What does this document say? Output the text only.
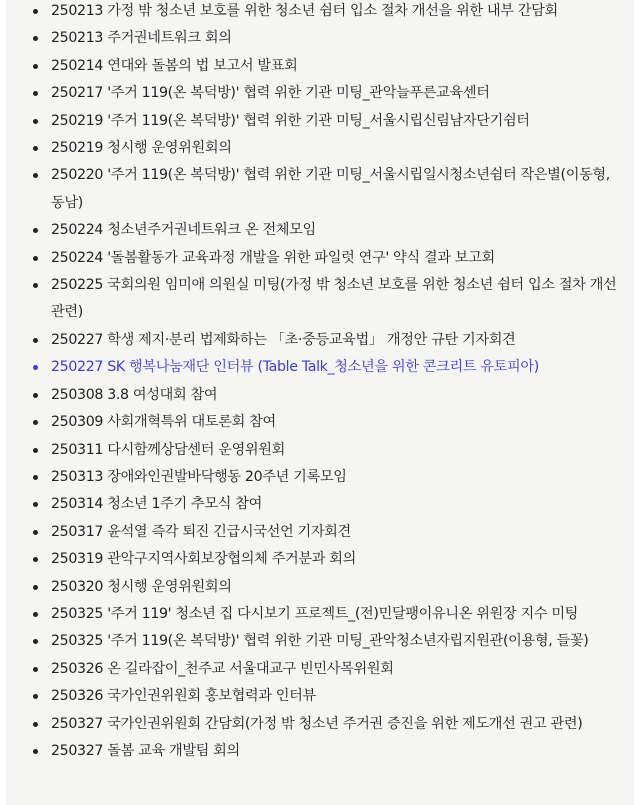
250213 가정 밖 청소년 보호를 위한 청소년 쉼터 입소 절차 개선을 위한 내부 간담회
250213 주거권네트워크 회의
250214 연대와 돌봄의 법 보고서 발표회
250217 '주거 119(온 복덕방)' 협력 위한 기관 미팅_관악늘푸른교육센터
250219 '주거 119(온 복덕방)' 협력 위한 기관 미팅_서울시립신림남자단기쉼터
250219 청시행 운영위원회의
250220 '주거 119(온 복덕방)' 협력 위한 기관 미팅_서울시립일시청소년쉼터 작은별(이동형,동남)
250224 청소년주거권네트워크 온 전체모임
250224 '돌봄활동가 교육과정 개발을 위한 파일럿 연구' 약식 결과 보고회
250225 국회의원 임미애 의원실 미팅(가정 밖 청소년 보호를 위한 청소년 쉼터 입소 절차 개선 관련)
250227 학생 제지·분리 법제화하는 「초·중등교육법」 개정안 규탄 기자회견
250227 SK 행복나눔재단 인터뷰 (Table Talk_청소년을 위한 콘크리트 유토피아)
250308 3.8 여성대회 참여
250309 사회개혁특위 대토론회 참여
250311 다시함께상담센터 운영위원회
250313 장애와인권발바닥행동 20주년 기록모임
250314 청소년 1주기 추모식 참여
250317 윤석열 즉각 퇴진 긴급시국선언 기자회견
250319 관악구지역사회보장협의체 주거분과 회의
250320 청시행 운영위원회의
250325 '주거 119' 청소년 집 다시보기 프로젝트_(전)민달팽이유니온 위원장 지수 미팅
250325 '주거 119(온 복덕방)' 협력 위한 기관 미팅_관악청소년자립지원관(이용형, 들꽃)
250326 온 길라잡이_천주교 서울대교구 빈민사목위원회
250326 국가인권위원회 홍보협력과 인터뷰
250327 국가인권위원회 간담회(가정 밖 청소년 주거권 증진을 위한 제도개선 권고 관련)
250327 돌봄 교육 개발팀 회의
